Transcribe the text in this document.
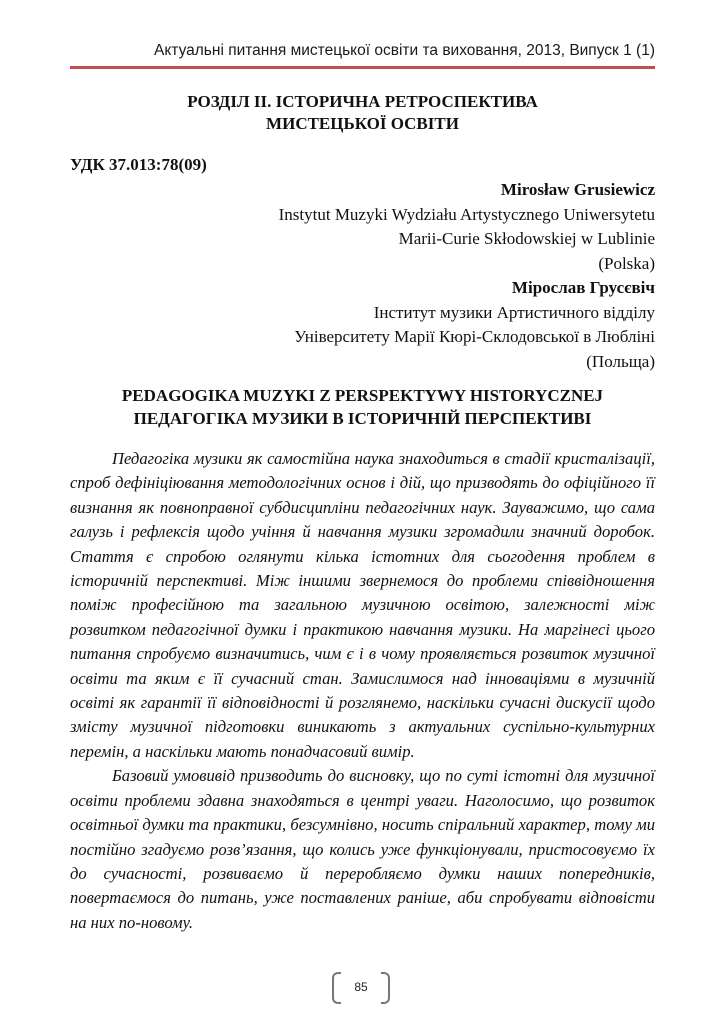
Актуальні питання мистецької освіти та виховання, 2013, Випуск 1 (1)
РОЗДІЛ ІІ. ІСТОРИЧНА РЕТРОСПЕКТИВА
МИСТЕЦЬКОЇ ОСВІТИ
УДК 37.013:78(09)
Mirosław Grusiewicz
Instytut Muzyki Wydziału Artystycznego Uniwersytetu
Marii-Curie Skłodowskiej w Lublinie
(Polska)
Міpослав Грусєвіч
Інститут музики Артистичного відділу
Університету Марії Кюрі-Склодовської в Любліні
(Польща)
PEDAGOGIKA MUZYKI Z PERSPEKTYWY HISTORYCZNEJ
ПЕДАГОГІКА МУЗИКИ В ІСТОРИЧНІЙ ПЕРСПЕКТИВІ

Педагогіка музики як самостійна наука знаходиться в стадії кристалізації, спроб дефініціювання методологічних основ і дій, що призводять до офіційного її визнання як повноправної субдисципліни педагогічних наук. Зауважимо, що сама галузь і рефлексія щодо учіння й навчання музики згромадили значний доробок. Стаття є спробою оглянути кілька істотних для сьогодення проблем в історичній перспективі. Між іншими звернемося до проблеми співвідношення поміж професійною та загальною музичною освітою, залежності між розвитком педагогічної думки і практикою навчання музики. На маргінесі цього питання спробуємо визначитись, чим є і в чому проявляється розвиток музичної освіти та яким є її сучасний стан. Замислимося над інноваціями в музичній освіті як гарантії її відповідності й розглянемо, наскільки сучасні дискусії щодо змісту музичної підготовки виникають з актуальних суспільно-культурних перемін, а наскільки мають понадчасовий вимір.

Базовий умовивід призводить до висновку, що по суті істотні для музичної освіти проблеми здавна знаходяться в центрі уваги. Наголосимо, що розвиток освітньої думки та практики, безсумнівно, носить спіральний характер, тому ми постійно згадуємо розв’язання, що колись уже функціонували, пристосовуємо їх до сучасності, розвиваємо й переробляємо думки наших попередників, повертаємося до питань, уже поставлених раніше, аби спробувати відповісти на них по-новому.

85
